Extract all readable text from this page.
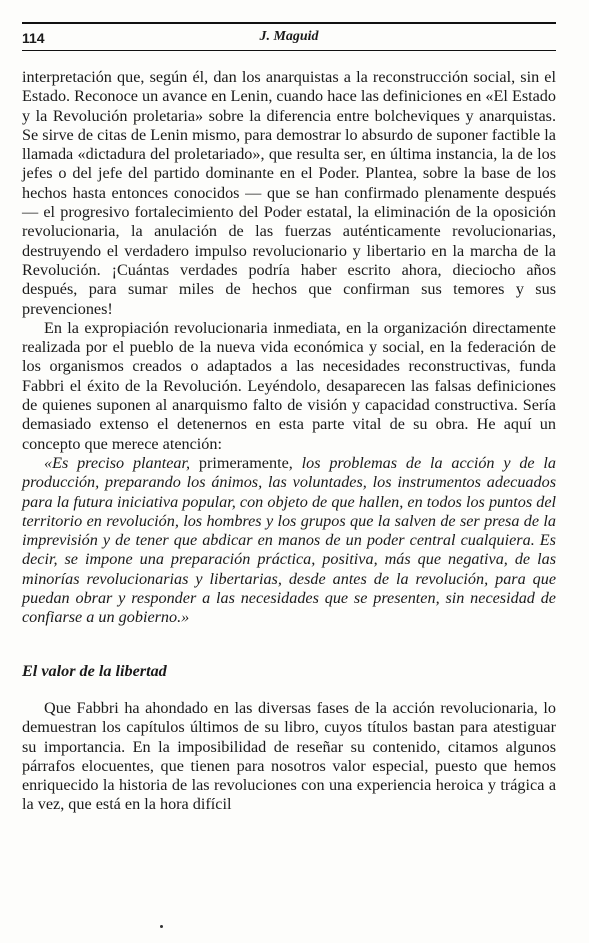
114	J. Maguid

interpretación que, según él, dan los anarquistas a la reconstrucción social, sin el Estado. Reconoce un avance en Lenin, cuando hace las definiciones en «El Estado y la Revolución proletaria» sobre la diferencia entre bolcheviques y anarquistas. Se sirve de citas de Lenin mismo, para demostrar lo absurdo de suponer factible la llamada «dictadura del proletariado», que resulta ser, en última instancia, la de los jefes o del jefe del partido dominante en el Poder. Plantea, sobre la base de los hechos hasta entonces conocidos — que se han confirmado plenamente después — el progresivo fortalecimiento del Poder estatal, la eliminación de la oposición revolucionaria, la anulación de las fuerzas auténticamente revolucionarias, destruyendo el verdadero impulso revolucionario y libertario en la marcha de la Revolución. ¡Cuántas verdades podría haber escrito ahora, dieciocho años después, para sumar miles de hechos que confirman sus temores y sus prevenciones!

En la expropiación revolucionaria inmediata, en la organización directamente realizada por el pueblo de la nueva vida económica y social, en la federación de los organismos creados o adaptados a las necesidades reconstructivas, funda Fabbri el éxito de la Revolución. Leyéndolo, desaparecen las falsas definiciones de quienes suponen al anarquismo falto de visión y capacidad constructiva. Sería demasiado extenso el detenernos en esta parte vital de su obra. He aquí un concepto que merece atención:

«Es preciso plantear, primeramente, los problemas de la acción y de la producción, preparando los ánimos, las voluntades, los instrumentos adecuados para la futura iniciativa popular, con objeto de que hallen, en todos los puntos del territorio en revolución, los hombres y los grupos que la salven de ser presa de la imprevisión y de tener que abdicar en manos de un poder central cualquiera. Es decir, se impone una preparación práctica, positiva, más que negativa, de las minorías revolucionarias y libertarias, desde antes de la revolución, para que puedan obrar y responder a las necesidades que se presenten, sin necesidad de confiarse a un gobierno.»

El valor de la libertad

Que Fabbri ha ahondado en las diversas fases de la acción revolucionaria, lo demuestran los capítulos últimos de su libro, cuyos títulos bastan para atestiguar su importancia. En la imposibilidad de reseñar su contenido, citamos algunos párrafos elocuentes, que tienen para nosotros valor especial, puesto que hemos enriquecido la historia de las revoluciones con una experiencia heroica y trágica a la vez, que está en la hora difícil
